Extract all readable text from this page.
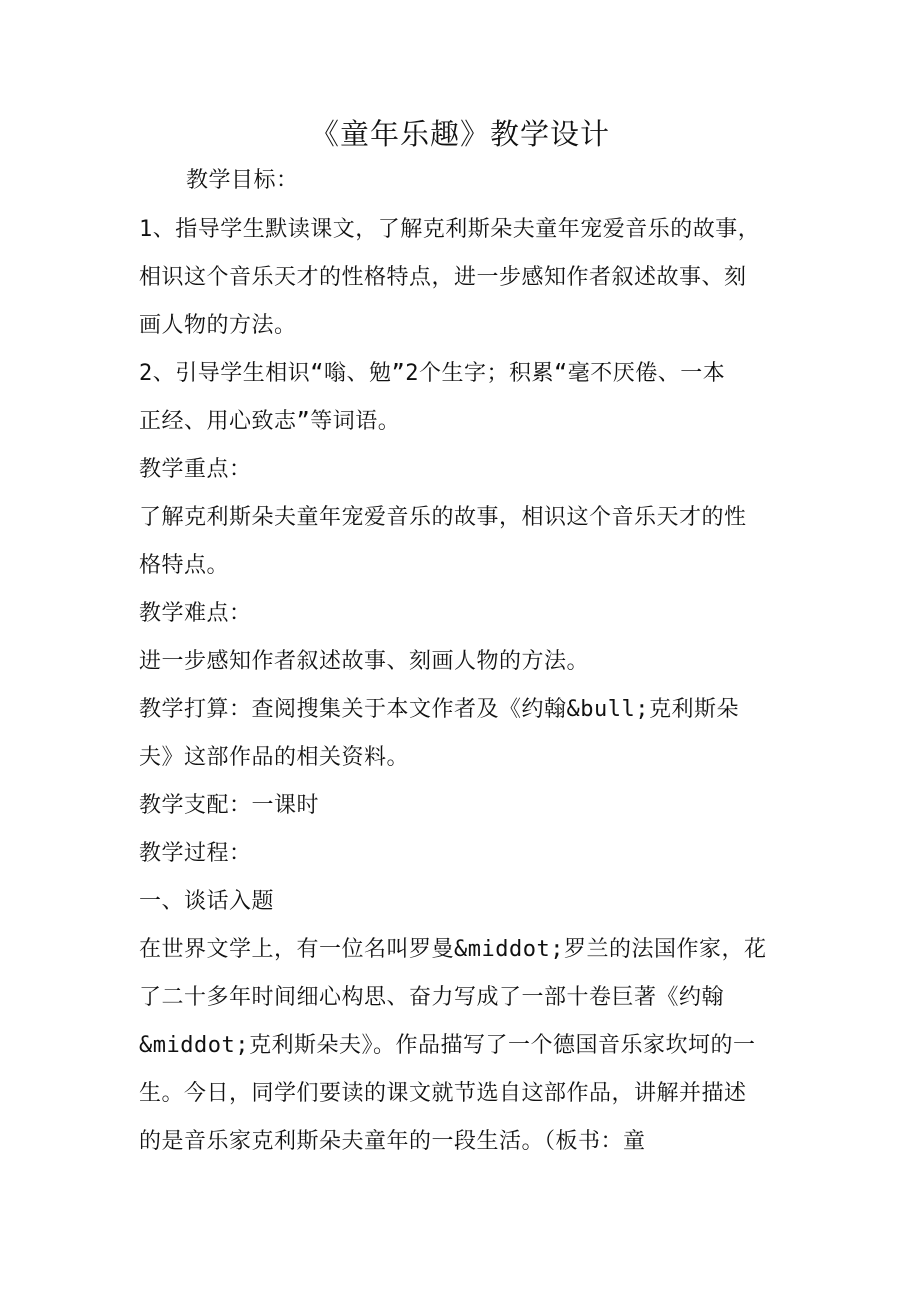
《童年乐趣》教学设计
教学目标：
1、指导学生默读课文，了解克利斯朵夫童年宠爱音乐的故事，
相识这个音乐天才的性格特点，进一步感知作者叙述故事、刻
画人物的方法。
2、引导学生相识“嗡、勉”2个生字；积累“毫不厌倦、一本
正经、用心致志”等词语。
教学重点：
了解克利斯朵夫童年宠爱音乐的故事，相识这个音乐天才的性
格特点。
教学难点：
进一步感知作者叙述故事、刻画人物的方法。
教学打算：查阅搜集关于本文作者及《约翰&bull;克利斯朵
夫》这部作品的相关资料。
教学支配：一课时
教学过程：
一、谈话入题
在世界文学上，有一位名叫罗曼&middot;罗兰的法国作家，花
了二十多年时间细心构思、奋力写成了一部十卷巨著《约翰
&middot;克利斯朵夫》。作品描写了一个德国音乐家坎坷的一
生。今日，同学们要读的课文就节选自这部作品，讲解并描述
的是音乐家克利斯朵夫童年的一段生活。（板书：童
